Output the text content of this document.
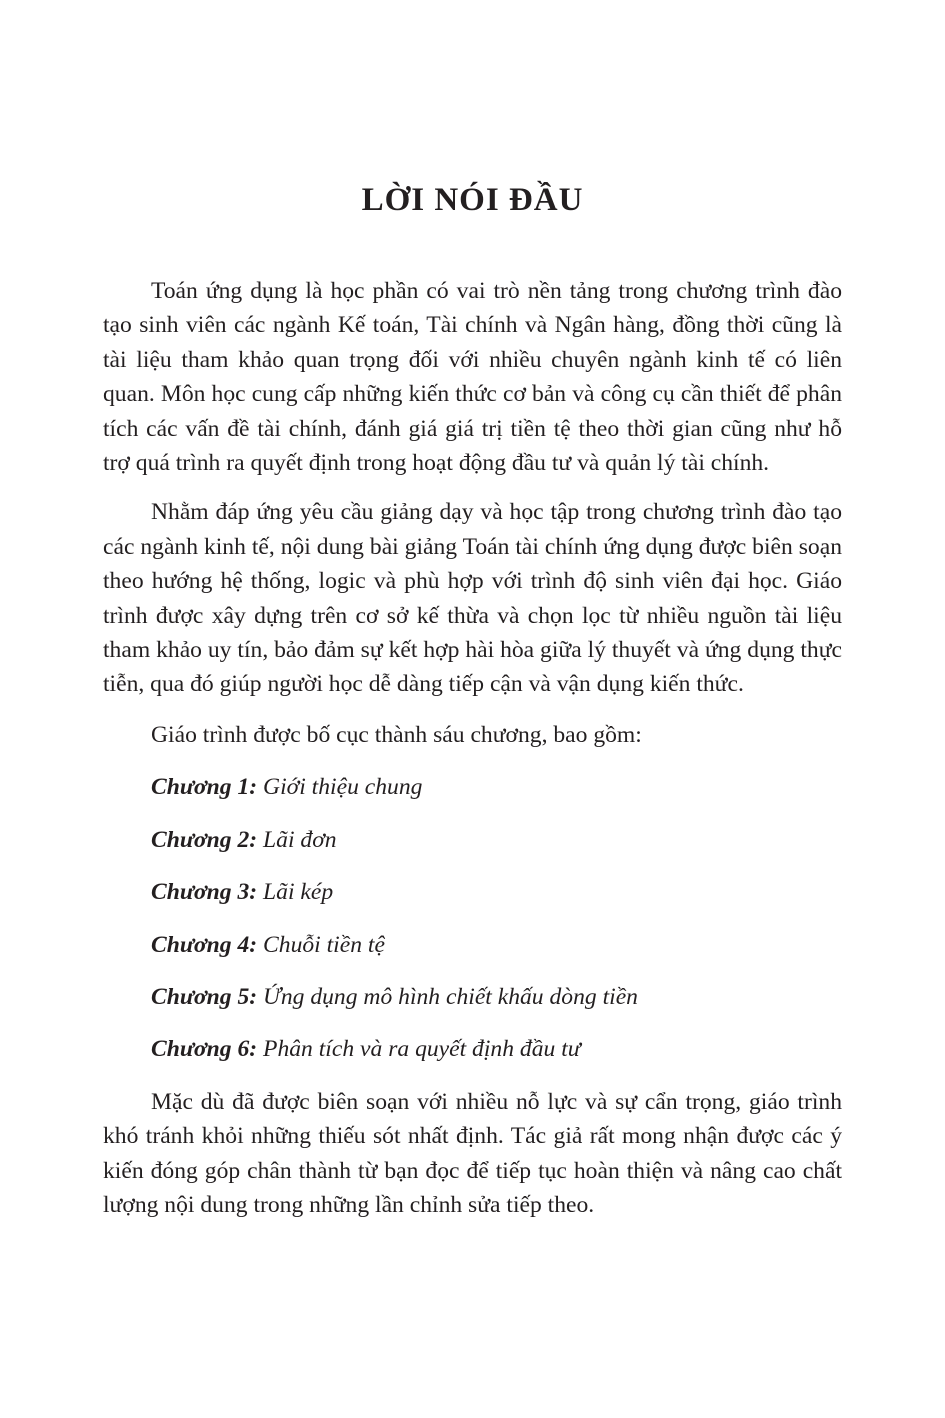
LỜI NÓI ĐẦU

Toán ứng dụng là học phần có vai trò nền tảng trong chương trình đào tạo sinh viên các ngành Kế toán, Tài chính và Ngân hàng, đồng thời cũng là tài liệu tham khảo quan trọng đối với nhiều chuyên ngành kinh tế có liên quan. Môn học cung cấp những kiến thức cơ bản và công cụ cần thiết để phân tích các vấn đề tài chính, đánh giá giá trị tiền tệ theo thời gian cũng như hỗ trợ quá trình ra quyết định trong hoạt động đầu tư và quản lý tài chính.

Nhằm đáp ứng yêu cầu giảng dạy và học tập trong chương trình đào tạo các ngành kinh tế, nội dung bài giảng Toán tài chính ứng dụng được biên soạn theo hướng hệ thống, logic và phù hợp với trình độ sinh viên đại học. Giáo trình được xây dựng trên cơ sở kế thừa và chọn lọc từ nhiều nguồn tài liệu tham khảo uy tín, bảo đảm sự kết hợp hài hòa giữa lý thuyết và ứng dụng thực tiễn, qua đó giúp người học dễ dàng tiếp cận và vận dụng kiến thức.

Giáo trình được bố cục thành sáu chương, bao gồm:

Chương 1: Giới thiệu chung
Chương 2: Lãi đơn
Chương 3: Lãi kép
Chương 4: Chuỗi tiền tệ
Chương 5: Ứng dụng mô hình chiết khấu dòng tiền
Chương 6: Phân tích và ra quyết định đầu tư

Mặc dù đã được biên soạn với nhiều nỗ lực và sự cẩn trọng, giáo trình khó tránh khỏi những thiếu sót nhất định. Tác giả rất mong nhận được các ý kiến đóng góp chân thành từ bạn đọc để tiếp tục hoàn thiện và nâng cao chất lượng nội dung trong những lần chỉnh sửa tiếp theo.
